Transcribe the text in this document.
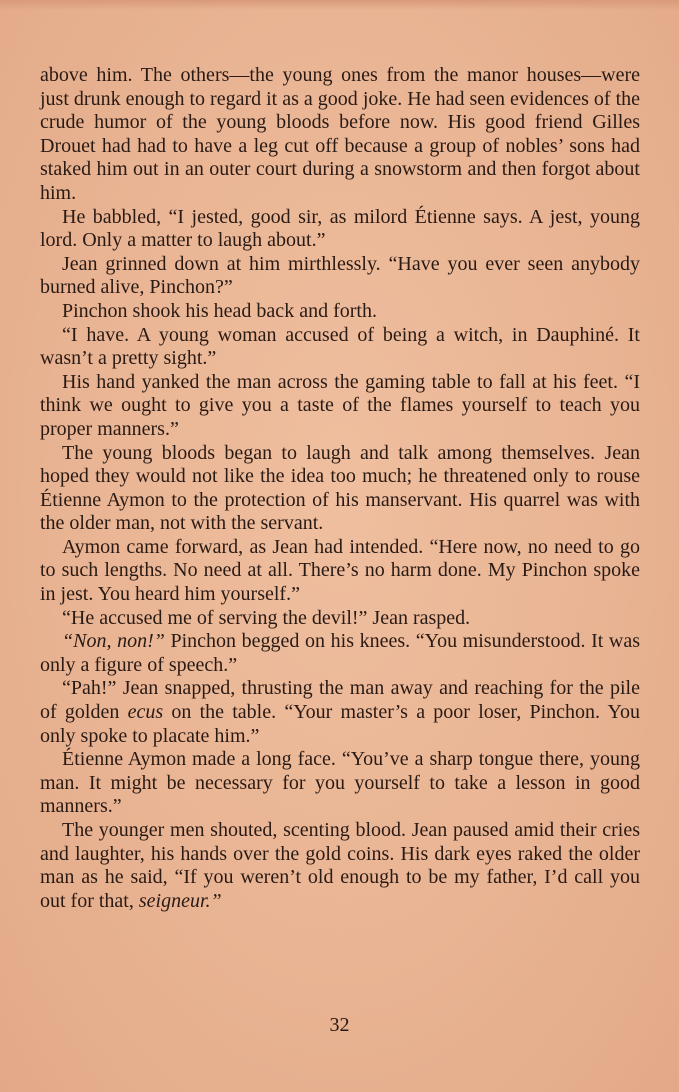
above him. The others—the young ones from the manor houses—were just drunk enough to regard it as a good joke. He had seen evidences of the crude humor of the young bloods before now. His good friend Gilles Drouet had had to have a leg cut off because a group of nobles’ sons had staked him out in an outer court during a snowstorm and then forgot about him.

He babbled, “I jested, good sir, as milord Étienne says. A jest, young lord. Only a matter to laugh about.”

Jean grinned down at him mirthlessly. “Have you ever seen anybody burned alive, Pinchon?”

Pinchon shook his head back and forth.

“I have. A young woman accused of being a witch, in Dauphiné. It wasn’t a pretty sight.”

His hand yanked the man across the gaming table to fall at his feet. “I think we ought to give you a taste of the flames yourself to teach you proper manners.”

The young bloods began to laugh and talk among themselves. Jean hoped they would not like the idea too much; he threatened only to rouse Étienne Aymon to the protection of his manservant. His quarrel was with the older man, not with the servant.

Aymon came forward, as Jean had intended. “Here now, no need to go to such lengths. No need at all. There’s no harm done. My Pinchon spoke in jest. You heard him yourself.”

“He accused me of serving the devil!” Jean rasped.

“Non, non!” Pinchon begged on his knees. “You misunderstood. It was only a figure of speech.”

“Pah!” Jean snapped, thrusting the man away and reaching for the pile of golden ecus on the table. “Your master’s a poor loser, Pinchon. You only spoke to placate him.”

Étienne Aymon made a long face. “You’ve a sharp tongue there, young man. It might be necessary for you yourself to take a lesson in good manners.”

The younger men shouted, scenting blood. Jean paused amid their cries and laughter, his hands over the gold coins. His dark eyes raked the older man as he said, “If you weren’t old enough to be my father, I’d call you out for that, seigneur.”

32
